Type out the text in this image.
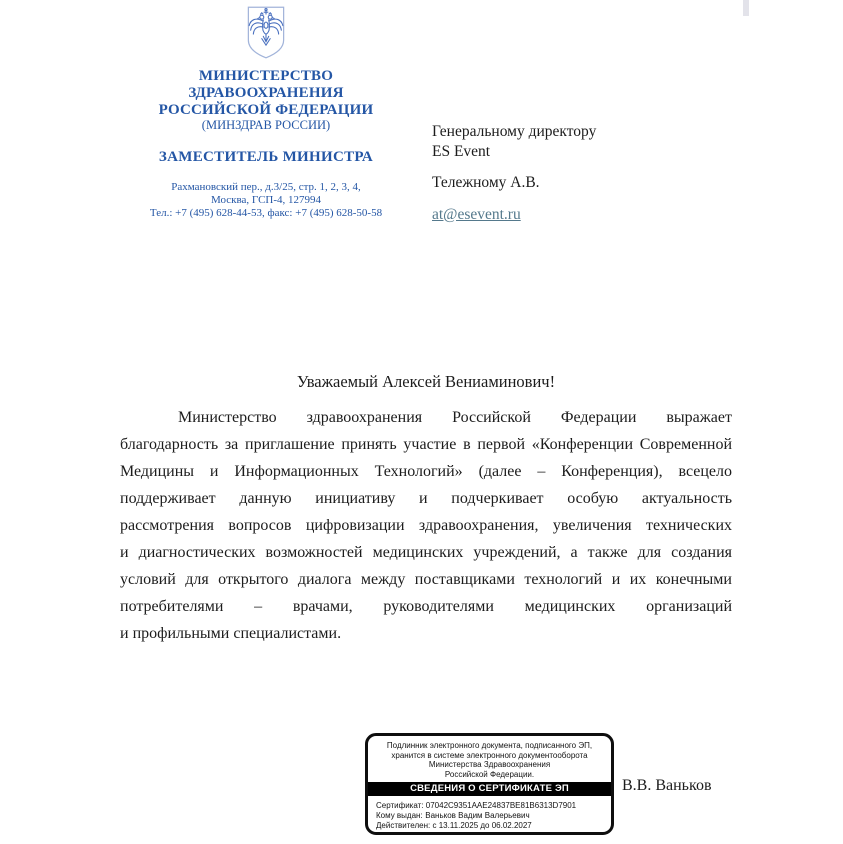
МИНИСТЕРСТВО
ЗДРАВООХРАНЕНИЯ
РОССИЙСКОЙ ФЕДЕРАЦИИ
(МИНЗДРАВ РОССИИ)
ЗАМЕСТИТЕЛЬ МИНИСТРА
Рахмановский пер., д.3/25, стр. 1, 2, 3, 4,
Москва, ГСП-4, 127994
Тел.: +7 (495) 628-44-53, факс: +7 (495) 628-50-58
Генеральному директору
ES Event
Тележному А.В.
at@esevent.ru
Уважаемый Алексей Вениаминович!
Министерство здравоохранения Российской Федерации выражает
благодарность за приглашение принять участие в первой «Конференции Современной
Медицины и Информационных Технологий» (далее – Конференция), всецело
поддерживает данную инициативу и подчеркивает особую актуальность
рассмотрения вопросов цифровизации здравоохранения, увеличения технических
и диагностических возможностей медицинских учреждений, а также для создания
условий для открытого диалога между поставщиками технологий и их конечными
потребителями – врачами, руководителями медицинских организаций
и профильными специалистами.
Подлинник электронного документа, подписанного ЭП,
хранится в системе электронного документооборота
Министерства Здравоохранения
Российской Федерации.
СВЕДЕНИЯ О СЕРТИФИКАТЕ ЭП
Сертификат: 07042C9351AAE24837BE81B6313D7901
Кому выдан: Ваньков Вадим Валерьевич
Действителен: с 13.11.2025 до 06.02.2027
В.В. Ваньков
